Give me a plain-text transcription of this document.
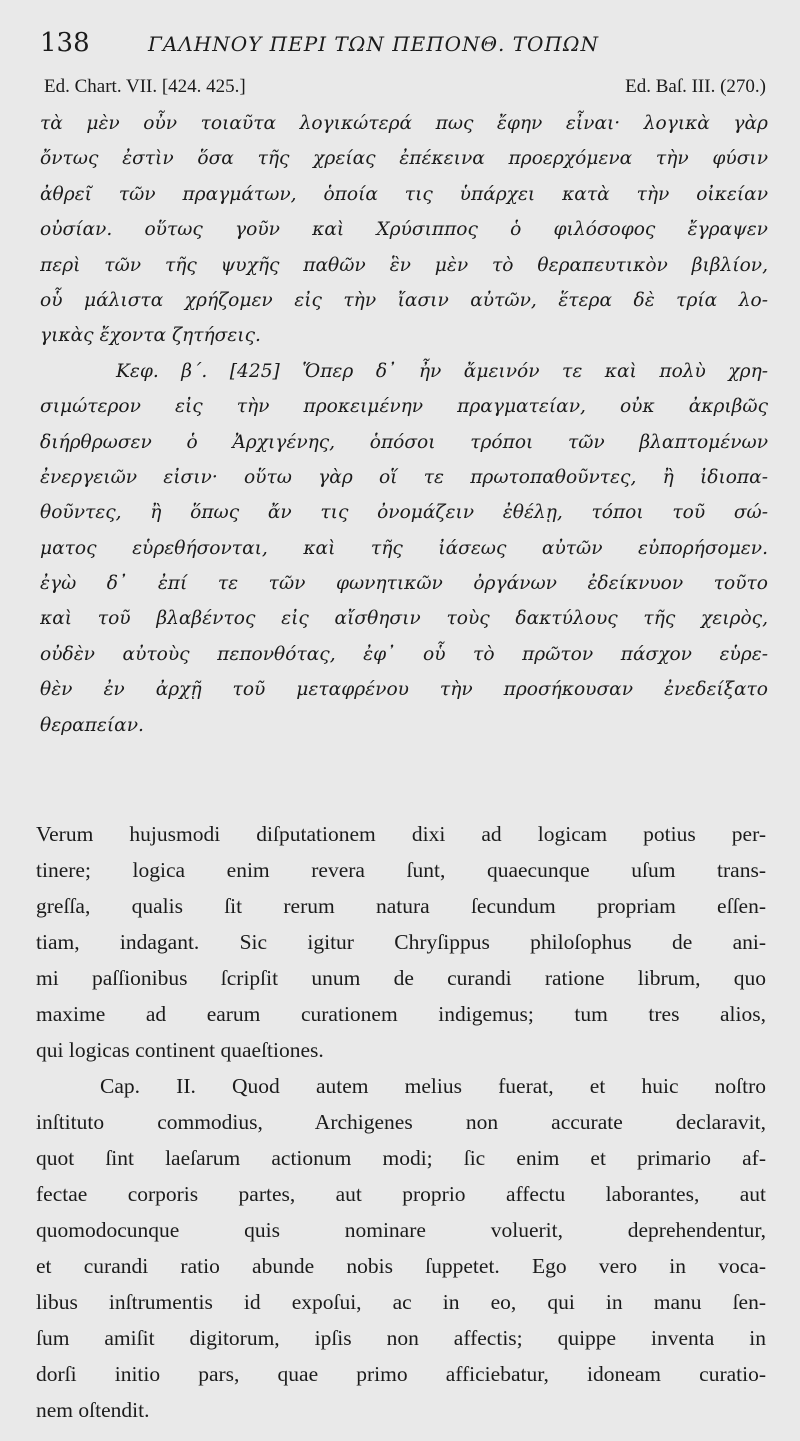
138	ΓΑΛΗΝΟΥ ΠΕΡΙ ΤΩΝ ΠΕΠΟΝΘ. ΤΟΠΩΝ
Ed. Chart. VII. [424. 425.]	Ed. Baſ. III. (270.)
τὰ μὲν οὖν τοιαῦτα λογικώτερά πως ἔφην εἶναι· λογικὰ γὰρ
ὄντως ἐστὶν ὅσα τῆς χρείας ἐπέκεινα προερχόμενα τὴν φύσιν
ἀθρεῖ τῶν πραγμάτων, ὁποία τις ὑπάρχει κατὰ τὴν οἰκείαν
οὐσίαν. οὕτως γοῦν καὶ Χρύσιππος ὁ φιλόσοφος ἔγραψεν
περὶ τῶν τῆς ψυχῆς παθῶν ἓν μὲν τὸ θεραπευτικὸν βιβλίον,
οὗ μάλιστα χρήζομεν εἰς τὴν ἴασιν αὐτῶν, ἕτερα δὲ τρία λο-
γικὰς ἔχοντα ζητήσεις.
Κεφ. β΄. [425] Ὅπερ δ᾽ ἦν ἄμεινόν τε καὶ πολὺ χρη-
σιμώτερον εἰς τὴν προκειμένην πραγματείαν, οὐκ ἀκριβῶς
διήρθρωσεν ὁ Ἀρχιγένης, ὁπόσοι τρόποι τῶν βλαπτομένων
ἐνεργειῶν εἰσιν· οὕτω γὰρ οἵ τε πρωτοπαθοῦντες, ἢ ἰδιοπα-
θοῦντες, ἢ ὅπως ἄν τις ὀνομάζειν ἐθέλῃ, τόποι τοῦ σώ-
ματος εὑρεθήσονται, καὶ τῆς ἰάσεως αὐτῶν εὐπορήσομεν.
ἐγὼ δ᾽ ἐπί τε τῶν φωνητικῶν ὀργάνων ἐδείκνυον τοῦτο
καὶ τοῦ βλαβέντος εἰς αἴσθησιν τοὺς δακτύλους τῆς χειρὸς,
οὐδὲν αὐτοὺς πεπονθότας, ἐφ᾽ οὗ τὸ πρῶτον πάσχον εὑρε-
θὲν ἐν ἀρχῇ τοῦ μεταφρένου τὴν προσήκουσαν ἐνεδείξατο
θεραπείαν.
Verum hujusmodi diſputationem dixi ad logicam potius per-
tinere; logica enim revera ſunt, quaecunque uſum trans-
greſſa, qualis ſit rerum natura ſecundum propriam eſſen-
tiam, indagant. Sic igitur Chryſippus philoſophus de ani-
mi paſſionibus ſcripſit unum de curandi ratione librum, quo
maxime ad earum curationem indigemus; tum tres alios,
qui logicas continent quaeſtiones.
Cap. II. Quod autem melius fuerat, et huic noſtro
inſtituto commodius, Archigenes non accurate declaravit,
quot ſint laeſarum actionum modi; ſic enim et primario af-
fectae corporis partes, aut proprio affectu laborantes, aut
quomodocunque quis nominare voluerit, deprehendentur,
et curandi ratio abunde nobis ſuppetet. Ego vero in voca-
libus inſtrumentis id expoſui, ac in eo, qui in manu ſen-
ſum amiſit digitorum, ipſis non affectis; quippe inventa in
dorſi initio pars, quae primo afficiebatur, idoneam curatio-
nem oſtendit.
